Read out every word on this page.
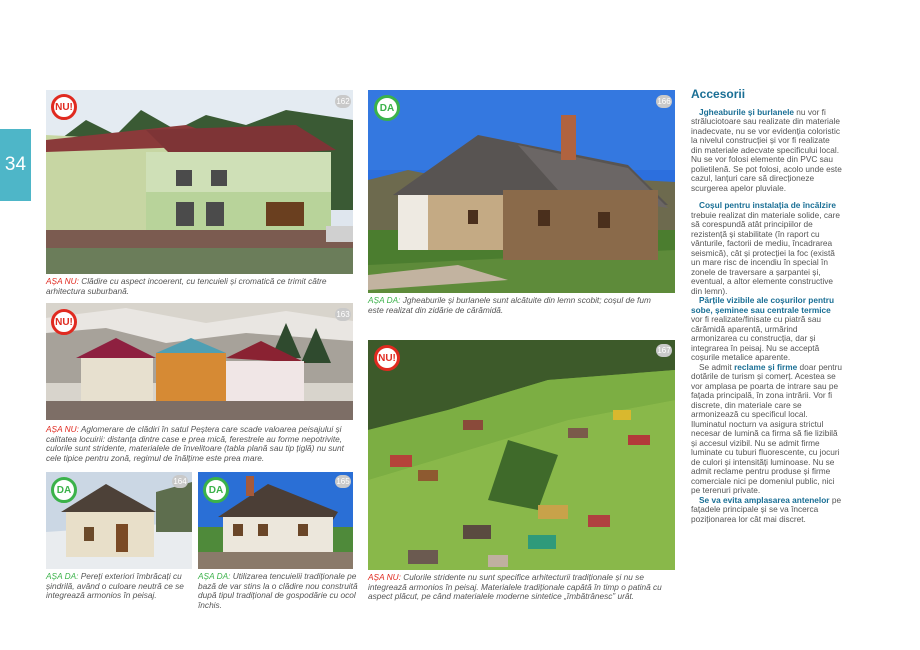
34
NU!	162
AȘA NU: Clădire cu aspect incoerent, cu tencuieli și cromatică ce trimit către arhitectura suburbană.
NU!
163
AȘA NU: Aglomerare de clădiri în satul Peștera care scade valoarea peisajului și calitatea locuirii: distanța dintre case e prea mică, ferestrele au forme nepotrivite, culorile sunt stridente, materialele de învelitoare (tabla plană sau tip țiglă) nu sunt cele tipice pentru zonă, regimul de înălțime este prea mare.
DA
164
AȘA DA: Pereți exteriori îmbrăcați cu șindrilă, având o culoare neutră ce se integrează armonios în peisaj.
DA
165
AȘA DA: Utilizarea tencuielii tradiționale pe bază de var stins la o clădire nou construită după tipul tradițional de gospodărie cu ocol închis.
DA
166
AȘA DA: Jgheaburile și burlanele sunt alcătuite din lemn scobit; coșul de fum este realizat din zidărie de cărămidă.
NU!
167
AȘA NU: Culorile stridente nu sunt specifice arhitecturii tradiționale și nu se integrează armonios în peisaj. Materialele tradiționale capătă în timp o patină cu aspect plăcut, pe când materialele moderne sintetice „îmbătrânesc” urât.
Accesorii

Jgheaburile și burlanele nu vor fi străluciotoare sau realizate din materiale inadecvate, nu se vor evidenția coloristic la nivelul construcției și vor fi realizate din materiale adecvate specificului local. Nu se vor folosi elemente din PVC sau polietilenă. Se pot folosi, acolo unde este cazul, lanțuri care să direcționeze scurgerea apelor pluviale.

Coșul pentru instalația de încălzire trebuie realizat din materiale solide, care să corespundă atât principiilor de rezistență și stabilitate (în raport cu vânturile, factorii de mediu, încadrarea seismică), cât și protecției la foc (există un mare risc de incendiu în special în zonele de traversare a șarpantei și, eventual, a altor elemente constructive din lemn).

Părțile vizibile ale coșurilor pentru sobe, șeminee sau centrale termice vor fi realizate/finisate cu piatră sau cărămidă aparentă, urmărind armonizarea cu construcția, dar și integrarea în peisaj. Nu se acceptă coșurile metalice aparente.

Se admit reclame și firme doar pentru dotările de turism și comerț. Acestea se vor amplasa pe poarta de intrare sau pe fațada principală, în zona intrării. Vor fi discrete, din materiale care se armonizează cu specificul local. Iluminatul nocturn va asigura strictul necesar de lumină ca firma să fie lizibilă și accesul vizibil. Nu se admit firme luminate cu tuburi fluorescente, cu jocuri de culori și intensități luminoase. Nu se admit reclame pentru produse și firme comerciale nici pe domeniul public, nici pe terenuri private.

Se va evita amplasarea antenelor pe fațadele principale și se va încerca poziționarea lor cât mai discret.
